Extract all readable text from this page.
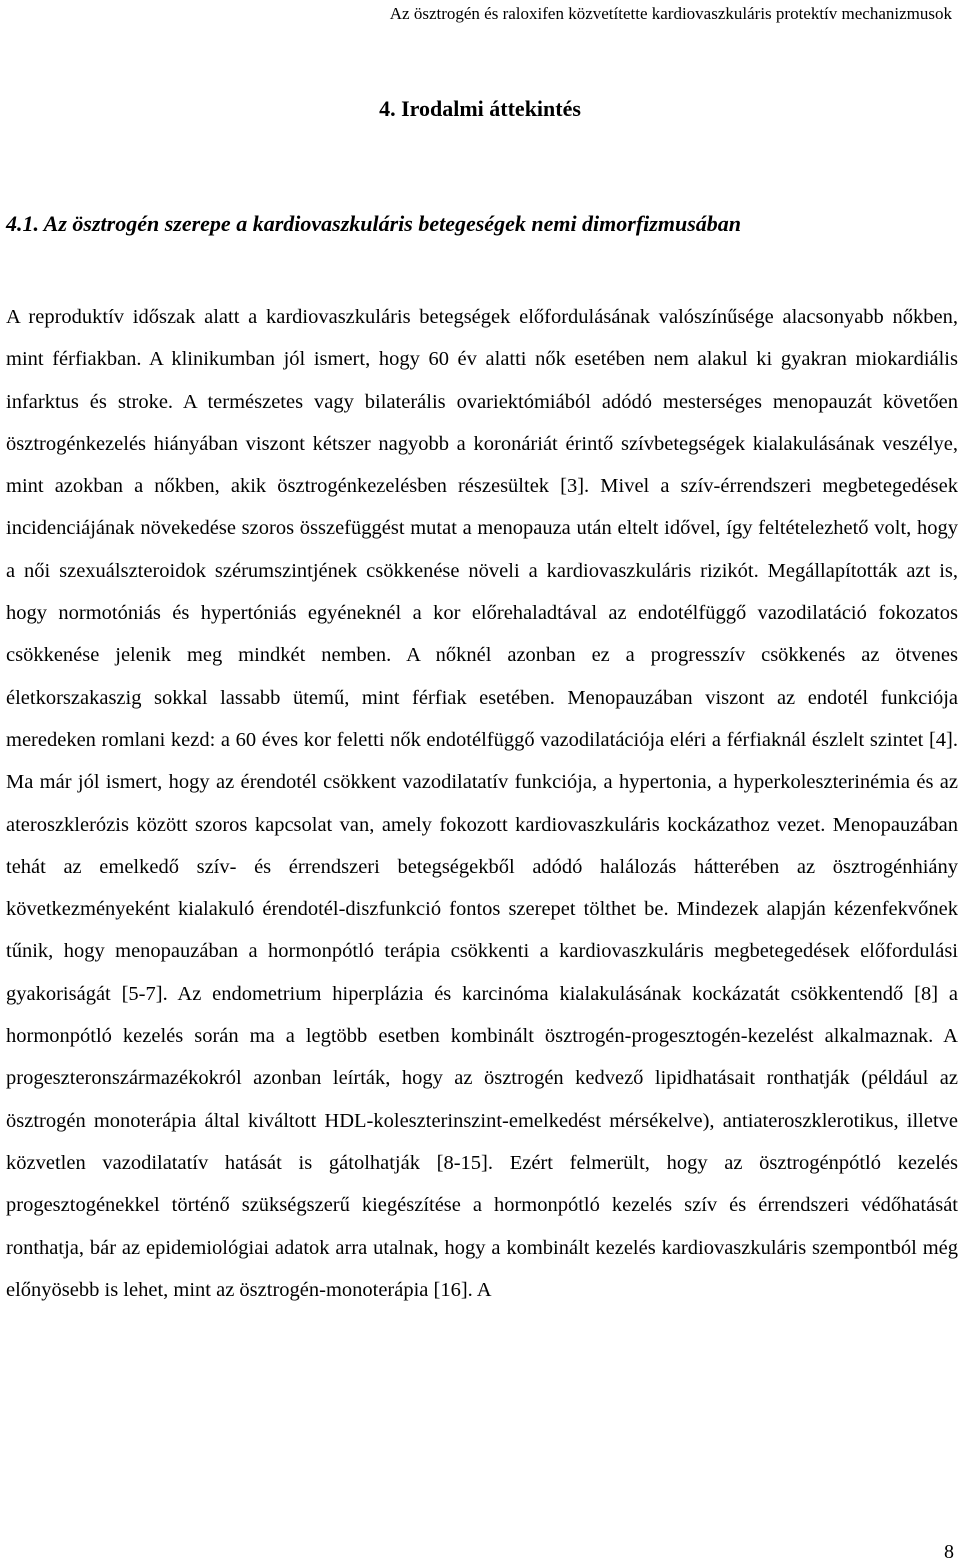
Az ösztrogén és raloxifen közvetítette kardiovaszkuláris protektív mechanizmusok
4. Irodalmi áttekintés
4.1. Az ösztrogén szerepe a kardiovaszkuláris betegeségek nemi dimorfizmusában

A reproduktív időszak alatt a kardiovaszkuláris betegségek előfordulásának valószínűsége alacsonyabb nőkben, mint férfiakban. A klinikumban jól ismert, hogy 60 év alatti nők esetében nem alakul ki gyakran miokardiális infarktus és stroke. A természetes vagy bilaterális ovariektómiából adódó mesterséges menopauzát követően ösztrogénkezelés hiányában viszont kétszer nagyobb a koronáriát érintő szívbetegségek kialakulásának veszélye, mint azokban a nőkben, akik ösztrogénkezelésben részesültek [3]. Mivel a szív-érrendszeri megbetegedések incidenciájának növekedése szoros összefüggést mutat a menopauza után eltelt idővel, így feltételezhető volt, hogy a női szexuálszteroidok szérumszintjének csökkenése növeli a kardiovaszkuláris rizikót. Megállapították azt is, hogy normotóniás és hypertóniás egyéneknél a kor előrehaladtával az endotélfüggő vazodilatáció fokozatos csökkenése jelenik meg mindkét nemben. A nőknél azonban ez a progresszív csökkenés az ötvenes életkorszakaszig sokkal lassabb ütemű, mint férfiak esetében. Menopauzában viszont az endotél funkciója meredeken romlani kezd: a 60 éves kor feletti nők endotélfüggő vazodilatációja eléri a férfiaknál észlelt szintet [4]. Ma már jól ismert, hogy az érendotél csökkent vazodilatatív funkciója, a hypertonia, a hyperkoleszterinémia és az ateroszklerózis között szoros kapcsolat van, amely fokozott kardiovaszkuláris kockázathoz vezet. Menopauzában tehát az emelkedő szív- és érrendszeri betegségekből adódó halálozás hátterében az ösztrogénhiány következményeként kialakuló érendotél-diszfunkció fontos szerepet tölthet be. Mindezek alapján kézenfekvőnek tűnik, hogy menopauzában a hormonpótló terápia csökkenti a kardiovaszkuláris megbetegedések előfordulási gyakoriságát [5-7]. Az endometrium hiperplázia és karcinóma kialakulásának kockázatát csökkentendő [8] a hormonpótló kezelés során ma a legtöbb esetben kombinált ösztrogén-progesztogén-kezelést alkalmaznak. A progeszteronszármazékokról azonban leírták, hogy az ösztrogén kedvező lipidhatásait ronthatják (például az ösztrogén monoterápia által kiváltott HDL-koleszterinszint-emelkedést mérsékelve), antiateroszklerotikus, illetve közvetlen vazodilatatív hatását is gátolhatják [8-15]. Ezért felmerült, hogy az ösztrogénpótló kezelés progesztogénekkel történő szükségszerű kiegészítése a hormonpótló kezelés szív és érrendszeri védőhatását ronthatja, bár az epidemiológiai adatok arra utalnak, hogy a kombinált kezelés kardiovaszkuláris szempontból még előnyösebb is lehet, mint az ösztrogén-monoterápia [16]. A

8
